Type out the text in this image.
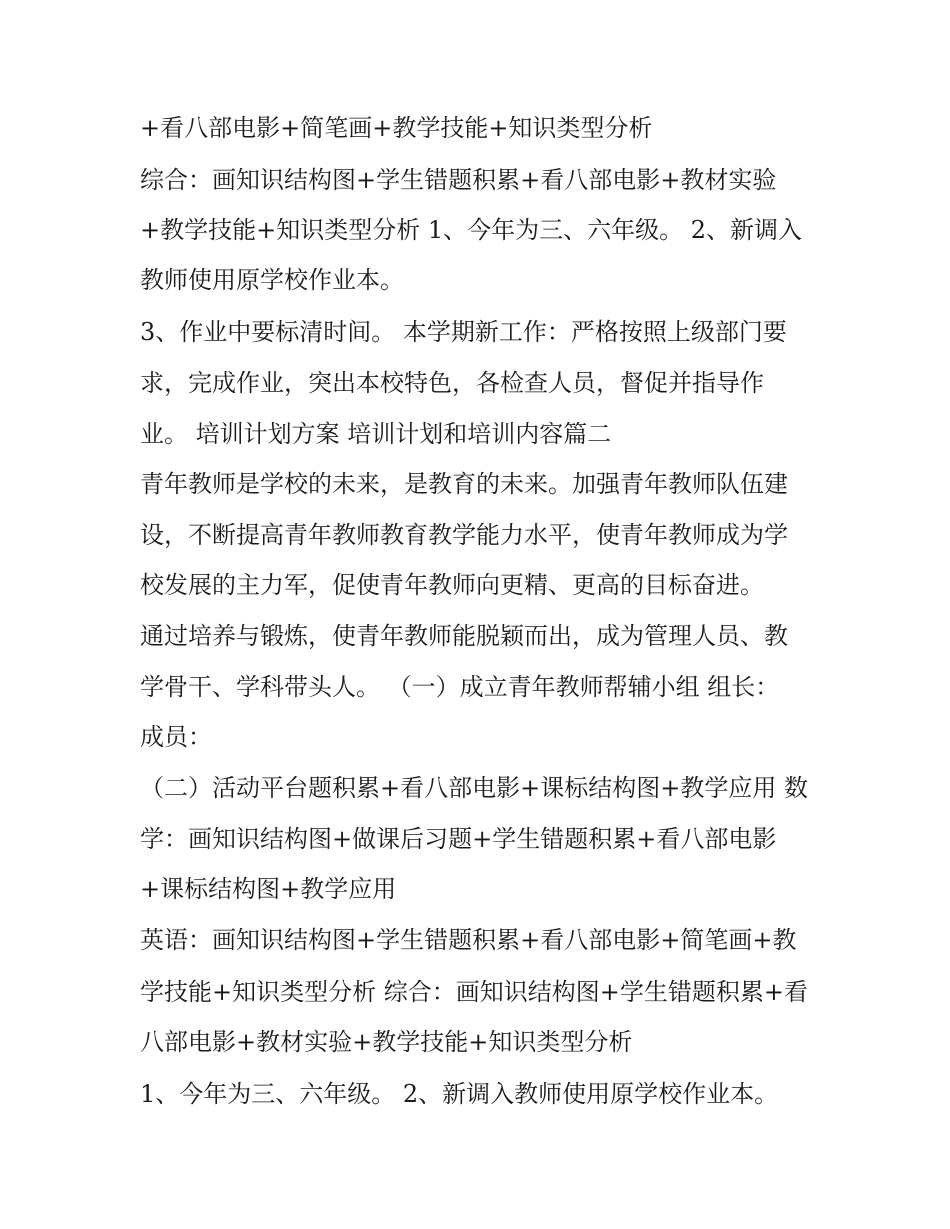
+看八部电影+简笔画+教学技能+知识类型分析

综合：画知识结构图+学生错题积累+看八部电影+教材实验

+教学技能+知识类型分析 1、今年为三、六年级。 2、新调入

教师使用原学校作业本。

3、作业中要标清时间。 本学期新工作：严格按照上级部门要

求，完成作业，突出本校特色，各检查人员，督促并指导作

业。 培训计划方案 培训计划和培训内容篇二

青年教师是学校的未来，是教育的未来。加强青年教师队伍建

设，不断提高青年教师教育教学能力水平，使青年教师成为学

校发展的主力军，促使青年教师向更精、更高的目标奋进。

通过培养与锻炼，使青年教师能脱颖而出，成为管理人员、教

学骨干、学科带头人。 （一）成立青年教师帮辅小组 组长：

成员：

（二）活动平台题积累+看八部电影+课标结构图+教学应用 数

学：画知识结构图+做课后习题+学生错题积累+看八部电影

+课标结构图+教学应用

英语：画知识结构图+学生错题积累+看八部电影+简笔画+教

学技能+知识类型分析 综合：画知识结构图+学生错题积累+看

八部电影+教材实验+教学技能+知识类型分析

1、今年为三、六年级。 2、新调入教师使用原学校作业本。
